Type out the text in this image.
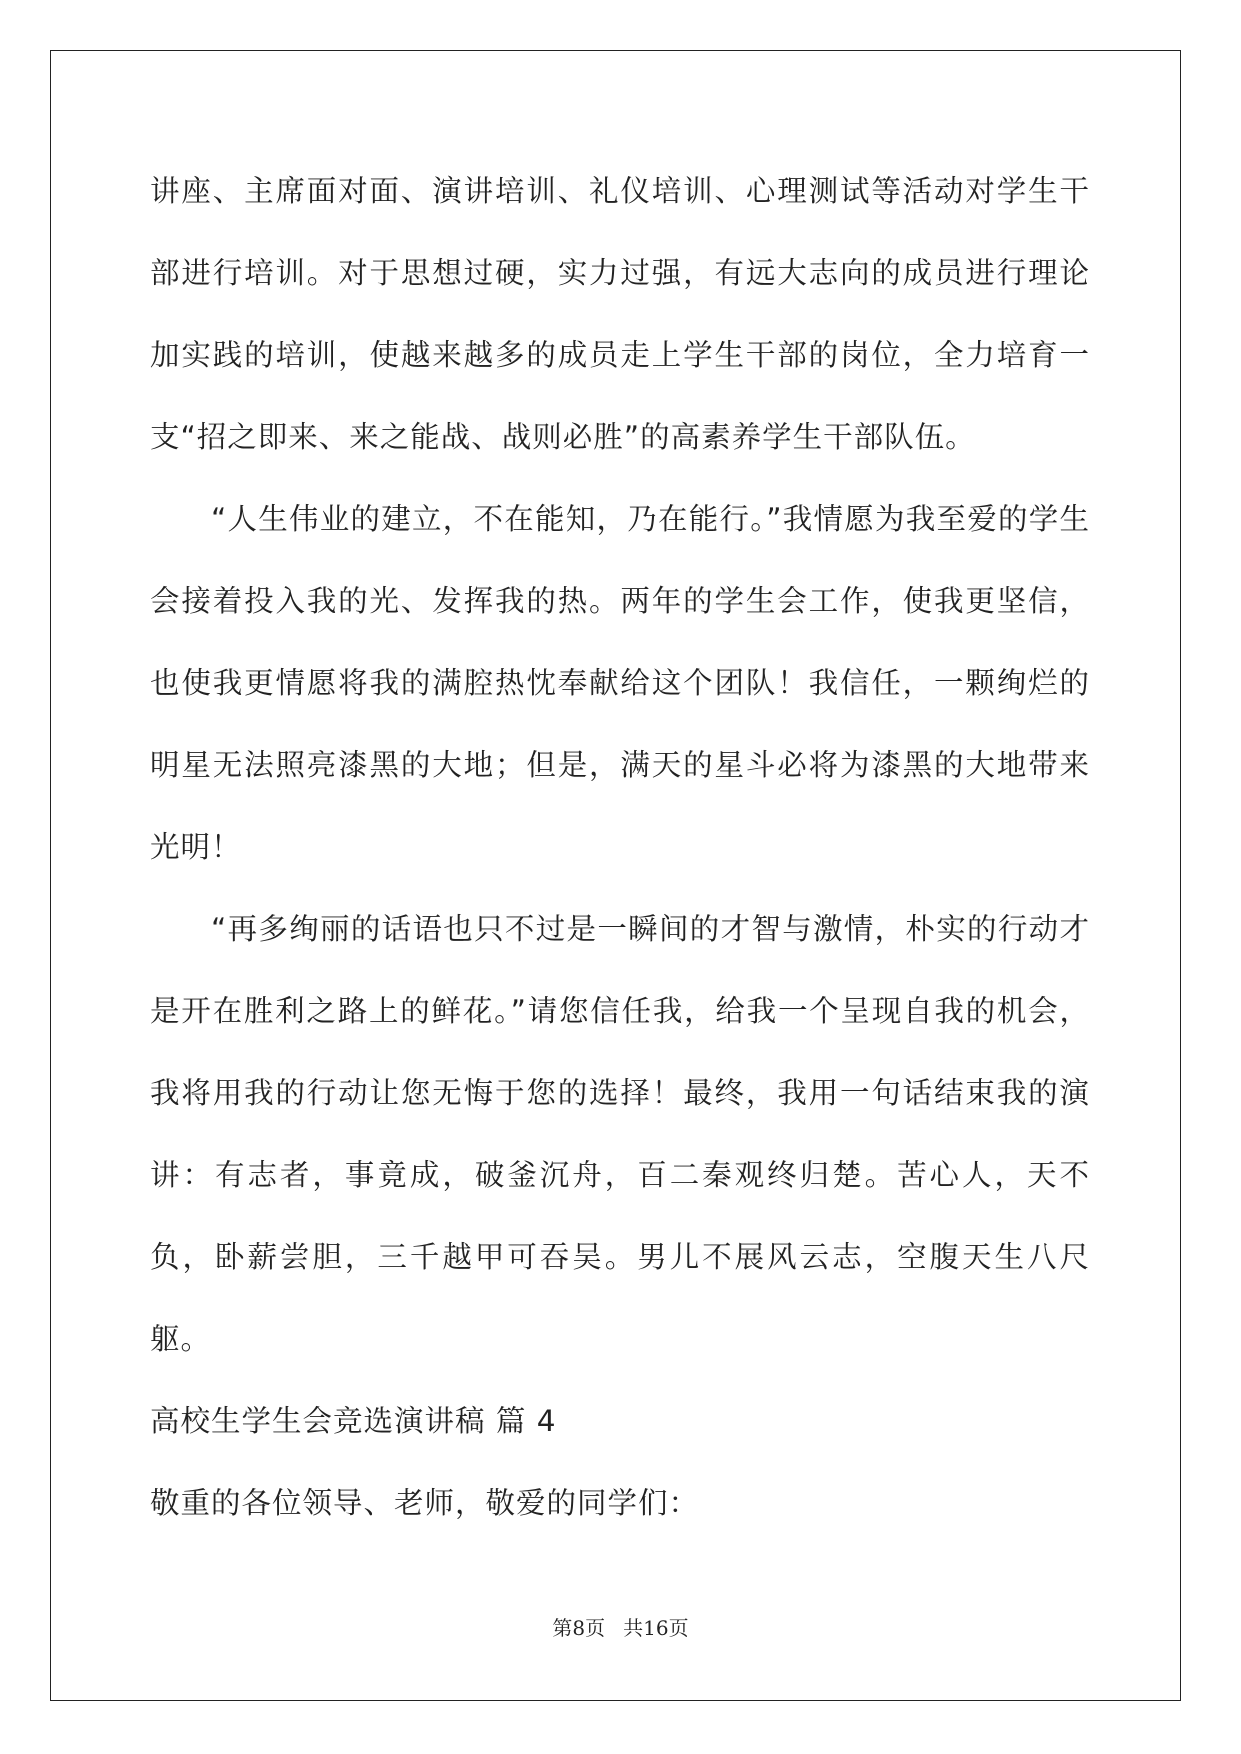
讲座、主席面对面、演讲培训、礼仪培训、心理测试等活动对学生干部进行培训。对于思想过硬，实力过强，有远大志向的成员进行理论加实践的培训，使越来越多的成员走上学生干部的岗位，全力培育一支“招之即来、来之能战、战则必胜”的高素养学生干部队伍。

“人生伟业的建立，不在能知，乃在能行。”我情愿为我至爱的学生会接着投入我的光、发挥我的热。两年的学生会工作，使我更坚信，也使我更情愿将我的满腔热忱奉献给这个团队！我信任，一颗绚烂的明星无法照亮漆黑的大地；但是，满天的星斗必将为漆黑的大地带来光明！

“再多绚丽的话语也只不过是一瞬间的才智与激情，朴实的行动才是开在胜利之路上的鲜花。”请您信任我，给我一个呈现自我的机会，我将用我的行动让您无悔于您的选择！最终，我用一句话结束我的演讲：有志者，事竟成，破釜沉舟，百二秦观终归楚。苦心人，天不负，卧薪尝胆，三千越甲可吞吴。男儿不展风云志，空腹天生八尺躯。

高校生学生会竞选演讲稿 篇 4

敬重的各位领导、老师，敬爱的同学们：

第8页 共16页
